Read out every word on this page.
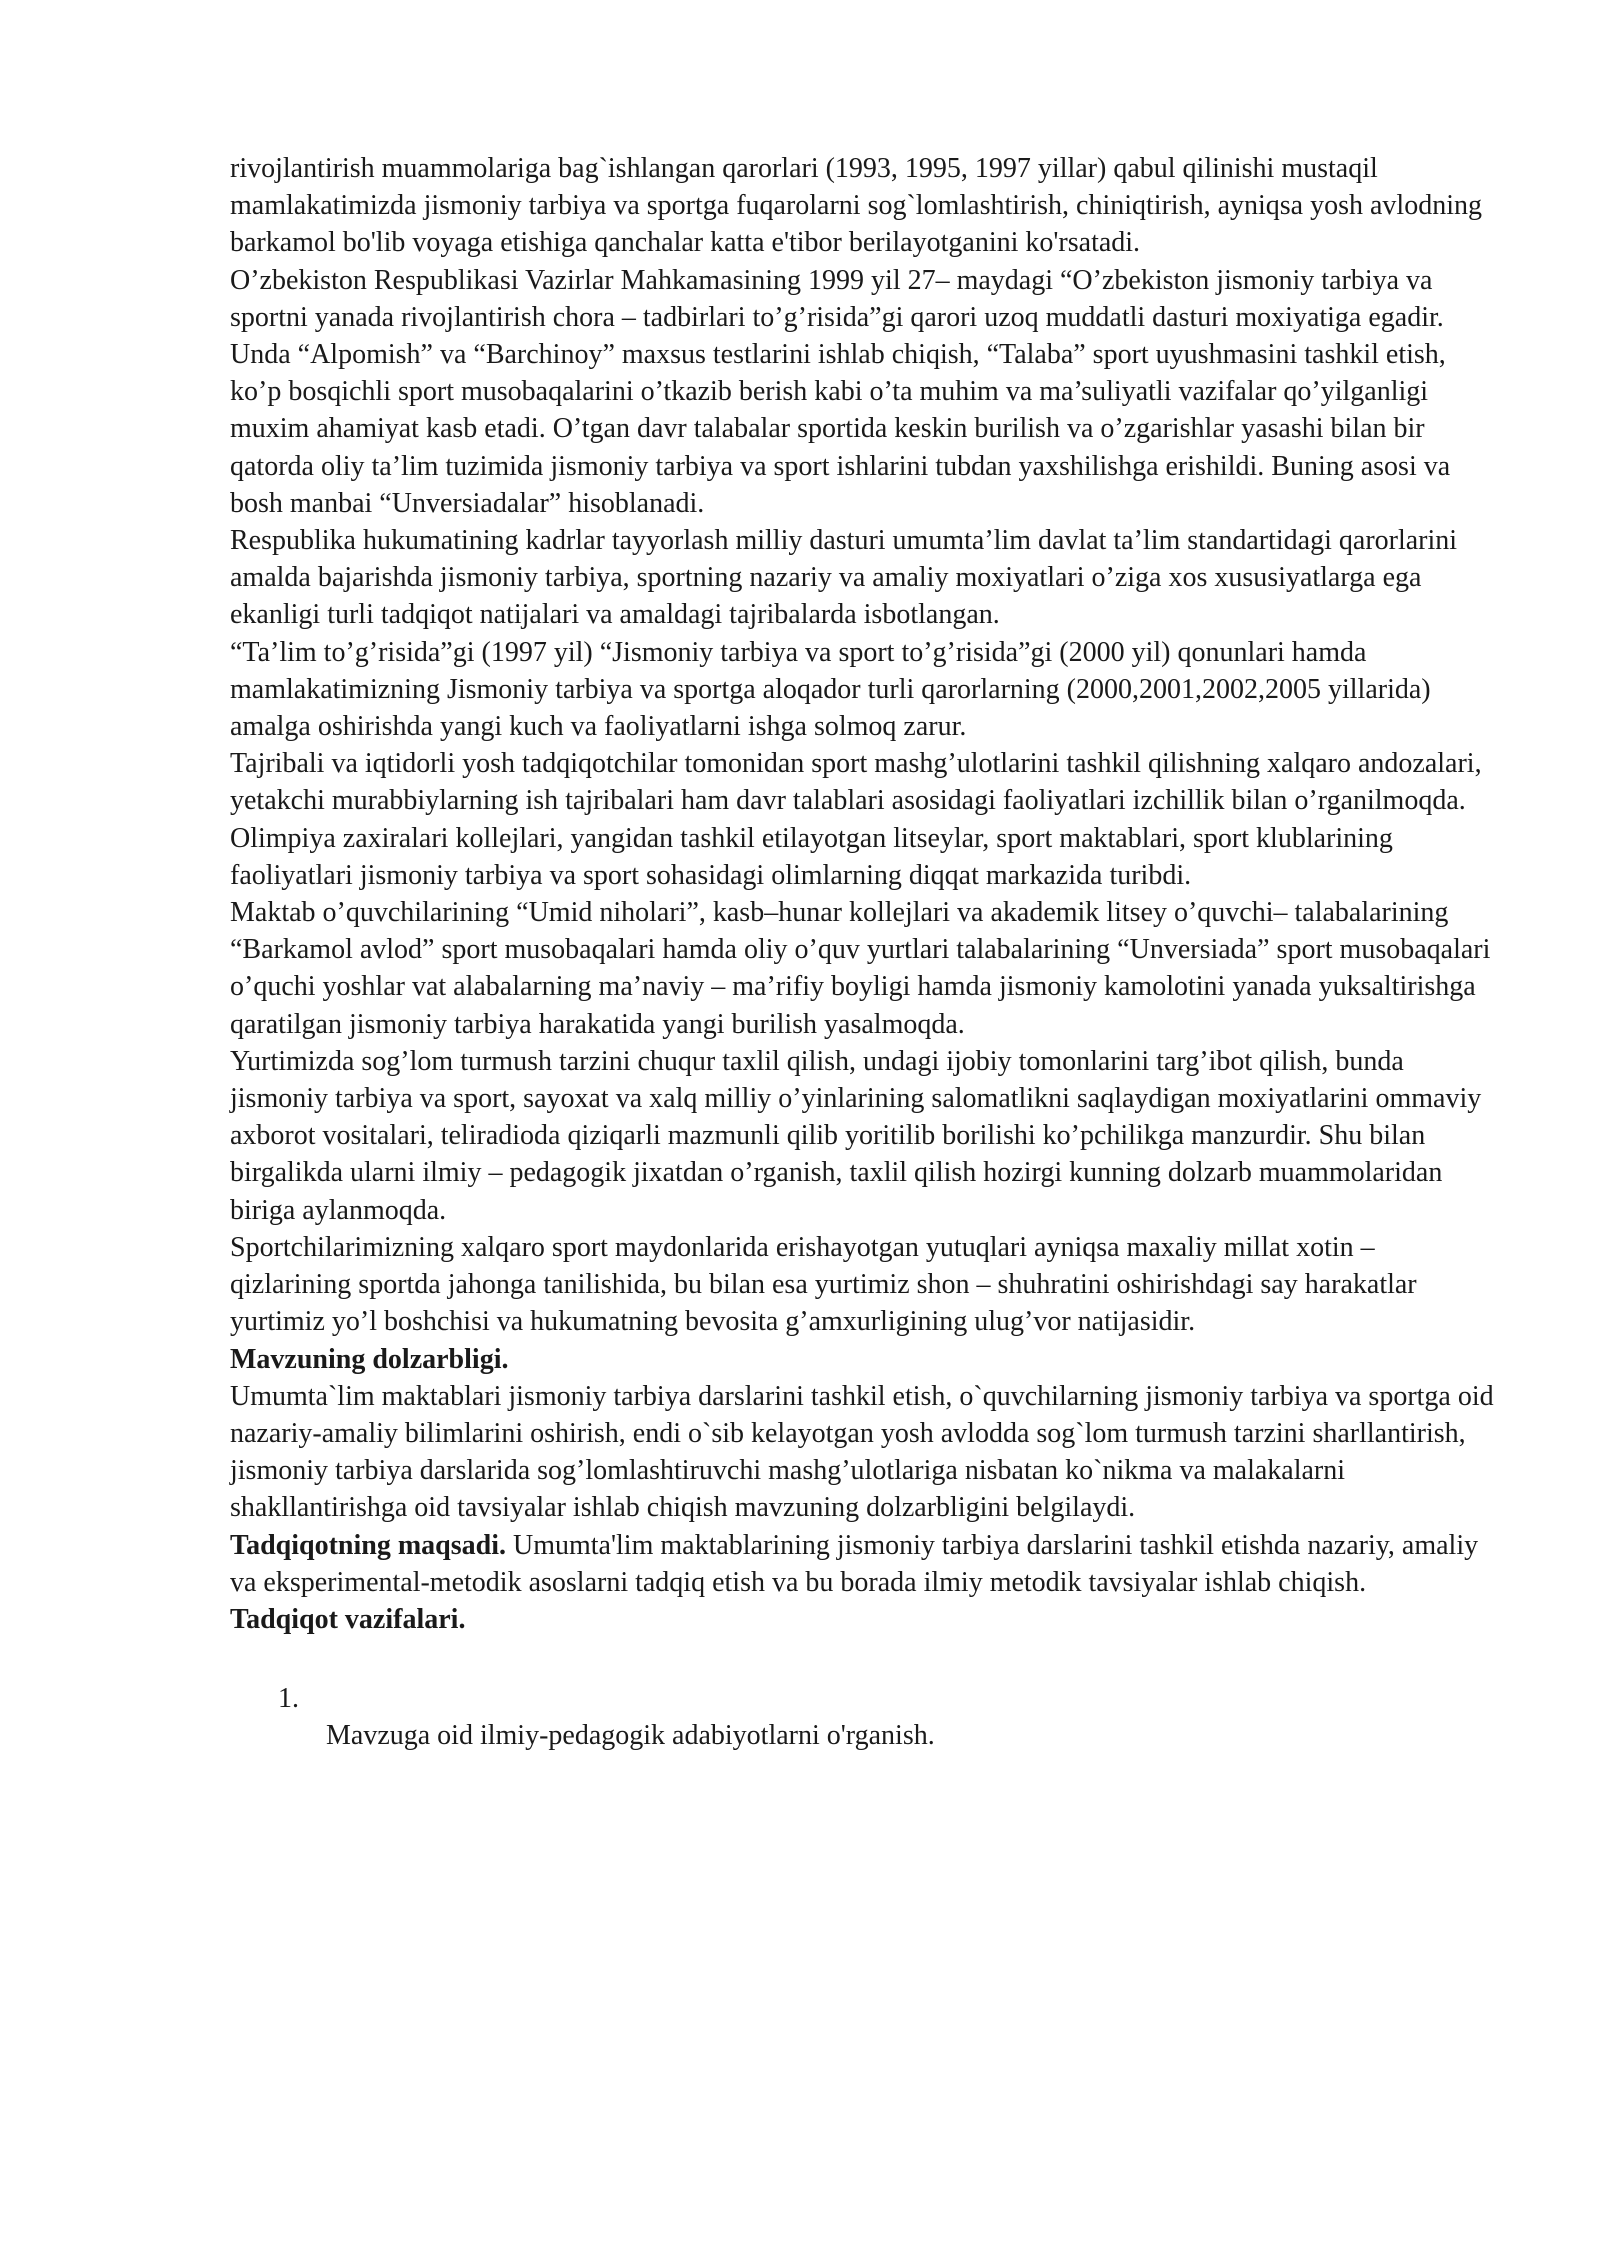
rivojlantirish muammolariga bag`ishlangan qarorlari (1993, 1995, 1997 yillar) qabul qilinishi mustaqil mamlakatimizda jismoniy tarbiya va sportga fuqarolarni sog`lomlashtirish, chiniqtirish, ayniqsa yosh avlodning barkamol bo'lib voyaga etishiga qanchalar katta e'tibor berilayotganini ko'rsatadi.

O’zbekiston Respublikasi Vazirlar Mahkamasining 1999 yil 27– maydagi “O’zbekiston jismoniy tarbiya va sportni yanada rivojlantirish chora – tadbirlari to’g’risida”gi qarori uzoq muddatli dasturi moxiyatiga egadir. Unda “Alpomish” va “Barchinoy” maxsus testlarini ishlab chiqish, “Talaba” sport uyushmasini tashkil etish, ko’p bosqichli sport musobaqalarini o’tkazib berish kabi o’ta muhim va ma’suliyatli vazifalar qo’yilganligi muxim ahamiyat kasb etadi. O’tgan davr talabalar sportida keskin burilish va o’zgarishlar yasashi bilan bir qatorda oliy ta’lim tuzimida jismoniy tarbiya va sport ishlarini tubdan yaxshilishga erishildi. Buning asosi va bosh manbai “Unversiadalar” hisoblanadi.

Respublika hukumatining kadrlar tayyorlash milliy dasturi umumta’lim davlat ta’lim standartidagi qarorlarini amalda bajarishda jismoniy tarbiya, sportning nazariy va amaliy moxiyatlari o’ziga xos xususiyatlarga ega ekanligi turli tadqiqot natijalari va amaldagi tajribalarda isbotlangan.

“Ta’lim to’g’risida”gi (1997 yil) “Jismoniy tarbiya va sport to’g’risida”gi (2000 yil) qonunlari hamda mamlakatimizning Jismoniy tarbiya va sportga aloqador turli qarorlarning (2000,2001,2002,2005 yillarida) amalga oshirishda yangi kuch va faoliyatlarni ishga solmoq zarur.

Tajribali va iqtidorli yosh tadqiqotchilar tomonidan sport mashg’ulotlarini tashkil qilishning xalqaro andozalari, yetakchi murabbiylarning ish tajribalari ham davr talablari asosidagi faoliyatlari izchillik bilan o’rganilmoqda. Olimpiya zaxiralari kollejlari, yangidan tashkil etilayotgan litseylar, sport maktablari, sport klublarining faoliyatlari jismoniy tarbiya va sport sohasidagi olimlarning diqqat markazida turibdi.

Maktab o’quvchilarining “Umid niholari”, kasb–hunar kollejlari va akademik litsey o’quvchi– talabalarining “Barkamol avlod” sport musobaqalari hamda oliy o’quv yurtlari talabalarining “Unversiada” sport musobaqalari o’quchi yoshlar vat alabalarning ma’naviy – ma’rifiy boyligi hamda jismoniy kamolotini yanada yuksaltirishga qaratilgan jismoniy tarbiya harakatida yangi burilish yasalmoqda.

Yurtimizda sog’lom turmush tarzini chuqur taxlil qilish, undagi ijobiy tomonlarini targ’ibot qilish, bunda jismoniy tarbiya va sport, sayoxat va xalq milliy o’yinlarining salomatlikni saqlaydigan moxiyatlarini ommaviy axborot vositalari, teliradioda qiziqarli mazmunli qilib yoritilib borilishi ko’pchilikga manzurdir. Shu bilan birgalikda ularni ilmiy – pedagogik jixatdan o’rganish, taxlil qilish hozirgi kunning dolzarb muammolaridan biriga aylanmoqda.

Sportchilarimizning xalqaro sport maydonlarida erishayotgan yutuqlari ayniqsa maxaliy millat xotin – qizlarining sportda jahonga tanilishida, bu bilan esa yurtimiz shon – shuhratini oshirishdagi say harakatlar yurtimiz yo’l boshchisi va hukumatning bevosita g’amxurligining ulug’vor natijasidir.

Mavzuning dolzarbligi.

Umumta`lim maktablari jismoniy tarbiya darslarini tashkil etish, o`quvchilarning jismoniy tarbiya va sportga oid nazariy-amaliy bilimlarini oshirish, endi o`sib kelayotgan yosh avlodda sog`lom turmush tarzini sharllantirish, jismoniy tarbiya darslarida sog’lomlashtiruvchi mashg’ulotlariga nisbatan ko`nikma va malakalarni shakllantirishga oid tavsiyalar ishlab chiqish mavzuning dolzarbligini belgilaydi.

Tadqiqotning maqsadi. Umumta'lim maktablarining jismoniy tarbiya darslarini tashkil etishda nazariy, amaliy va eksperimental-metodik asoslarni tadqiq etish va bu borada ilmiy metodik tavsiyalar ishlab chiqish.

Tadqiqot vazifalari.

1.
Mavzuga oid ilmiy-pedagogik adabiyotlarni o'rganish.
